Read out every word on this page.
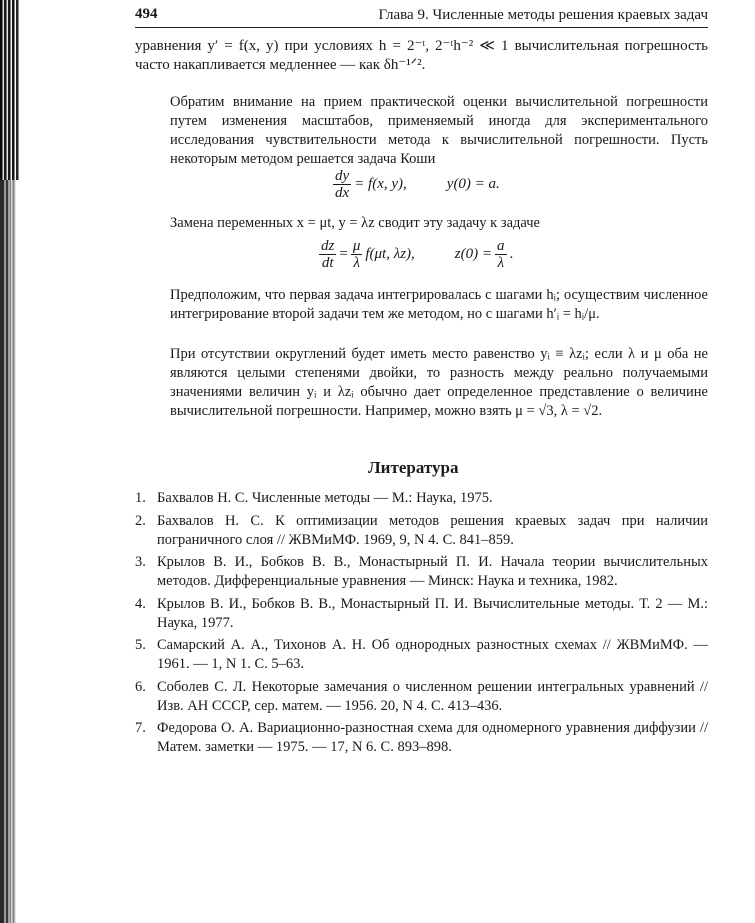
494	Глава 9. Численные методы решения краевых задач

уравнения y′ = f(x, y) при условиях h = 2⁻ᵗ, 2⁻ᵗh⁻² ≪ 1 вычислительная погрешность часто накапливается медленнее — как δh⁻¹ᐟ².

Обратим внимание на прием практической оценки вычислительной погрешности путем изменения масштабов, применяемый иногда для экспериментального исследования чувствительности метода к вычислительной погрешности. Пусть некоторым методом решается задача Коши

$\frac{dy}{dx} = f(x$, y),	y(0) = a.

Замена переменных x = μt, y = λz сводит эту задачу к задаче

$\frac{dz}{dt} = \frac{\mu}{\lambda} f(\mu t$, λz),	$z(0) = \frac{a}{\lambda}$ .

Предположим, что первая задача интегрировалась с шагами hᵢ; осуществим численное интегрирование второй задачи тем же методом, но с шагами h′ᵢ = hᵢ/μ.

При отсутствии округлений будет иметь место равенство yᵢ ≡ λzᵢ; если λ и μ оба не являются целыми степенями двойки, то разность между реально получаемыми значениями величин yᵢ и λzᵢ обычно дает определенное представление о величине вычислительной погрешности. Например, можно взять μ = √3, λ = √2.

Литература
1. Бахвалов Н. С. Численные методы — М.: Наука, 1975.
2. Бахвалов Н. С. К оптимизации методов решения краевых задач при наличии пограничного слоя // ЖВМиМФ. 1969, 9, N 4. С. 841–859.
3. Крылов В. И., Бобков В. В., Монастырный П. И. Начала теории вычислительных методов. Дифференциальные уравнения — Минск: Наука и техника, 1982.
4. Крылов В. И., Бобков В. В., Монастырный П. И. Вычислительные методы. Т. 2 — М.: Наука, 1977.
5. Самарский А. А., Тихонов А. Н. Об однородных разностных схемах // ЖВМиМФ. — 1961. — 1, N 1. С. 5–63.
6. Соболев С. Л. Некоторые замечания о численном решении интегральных уравнений // Изв. АН СССР, сер. матем. — 1956. 20, N 4. С. 413–436.
7. Федорова О. А. Вариационно-разностная схема для одномерного уравнения диффузии // Матем. заметки — 1975. — 17, N 6. С. 893–898.
